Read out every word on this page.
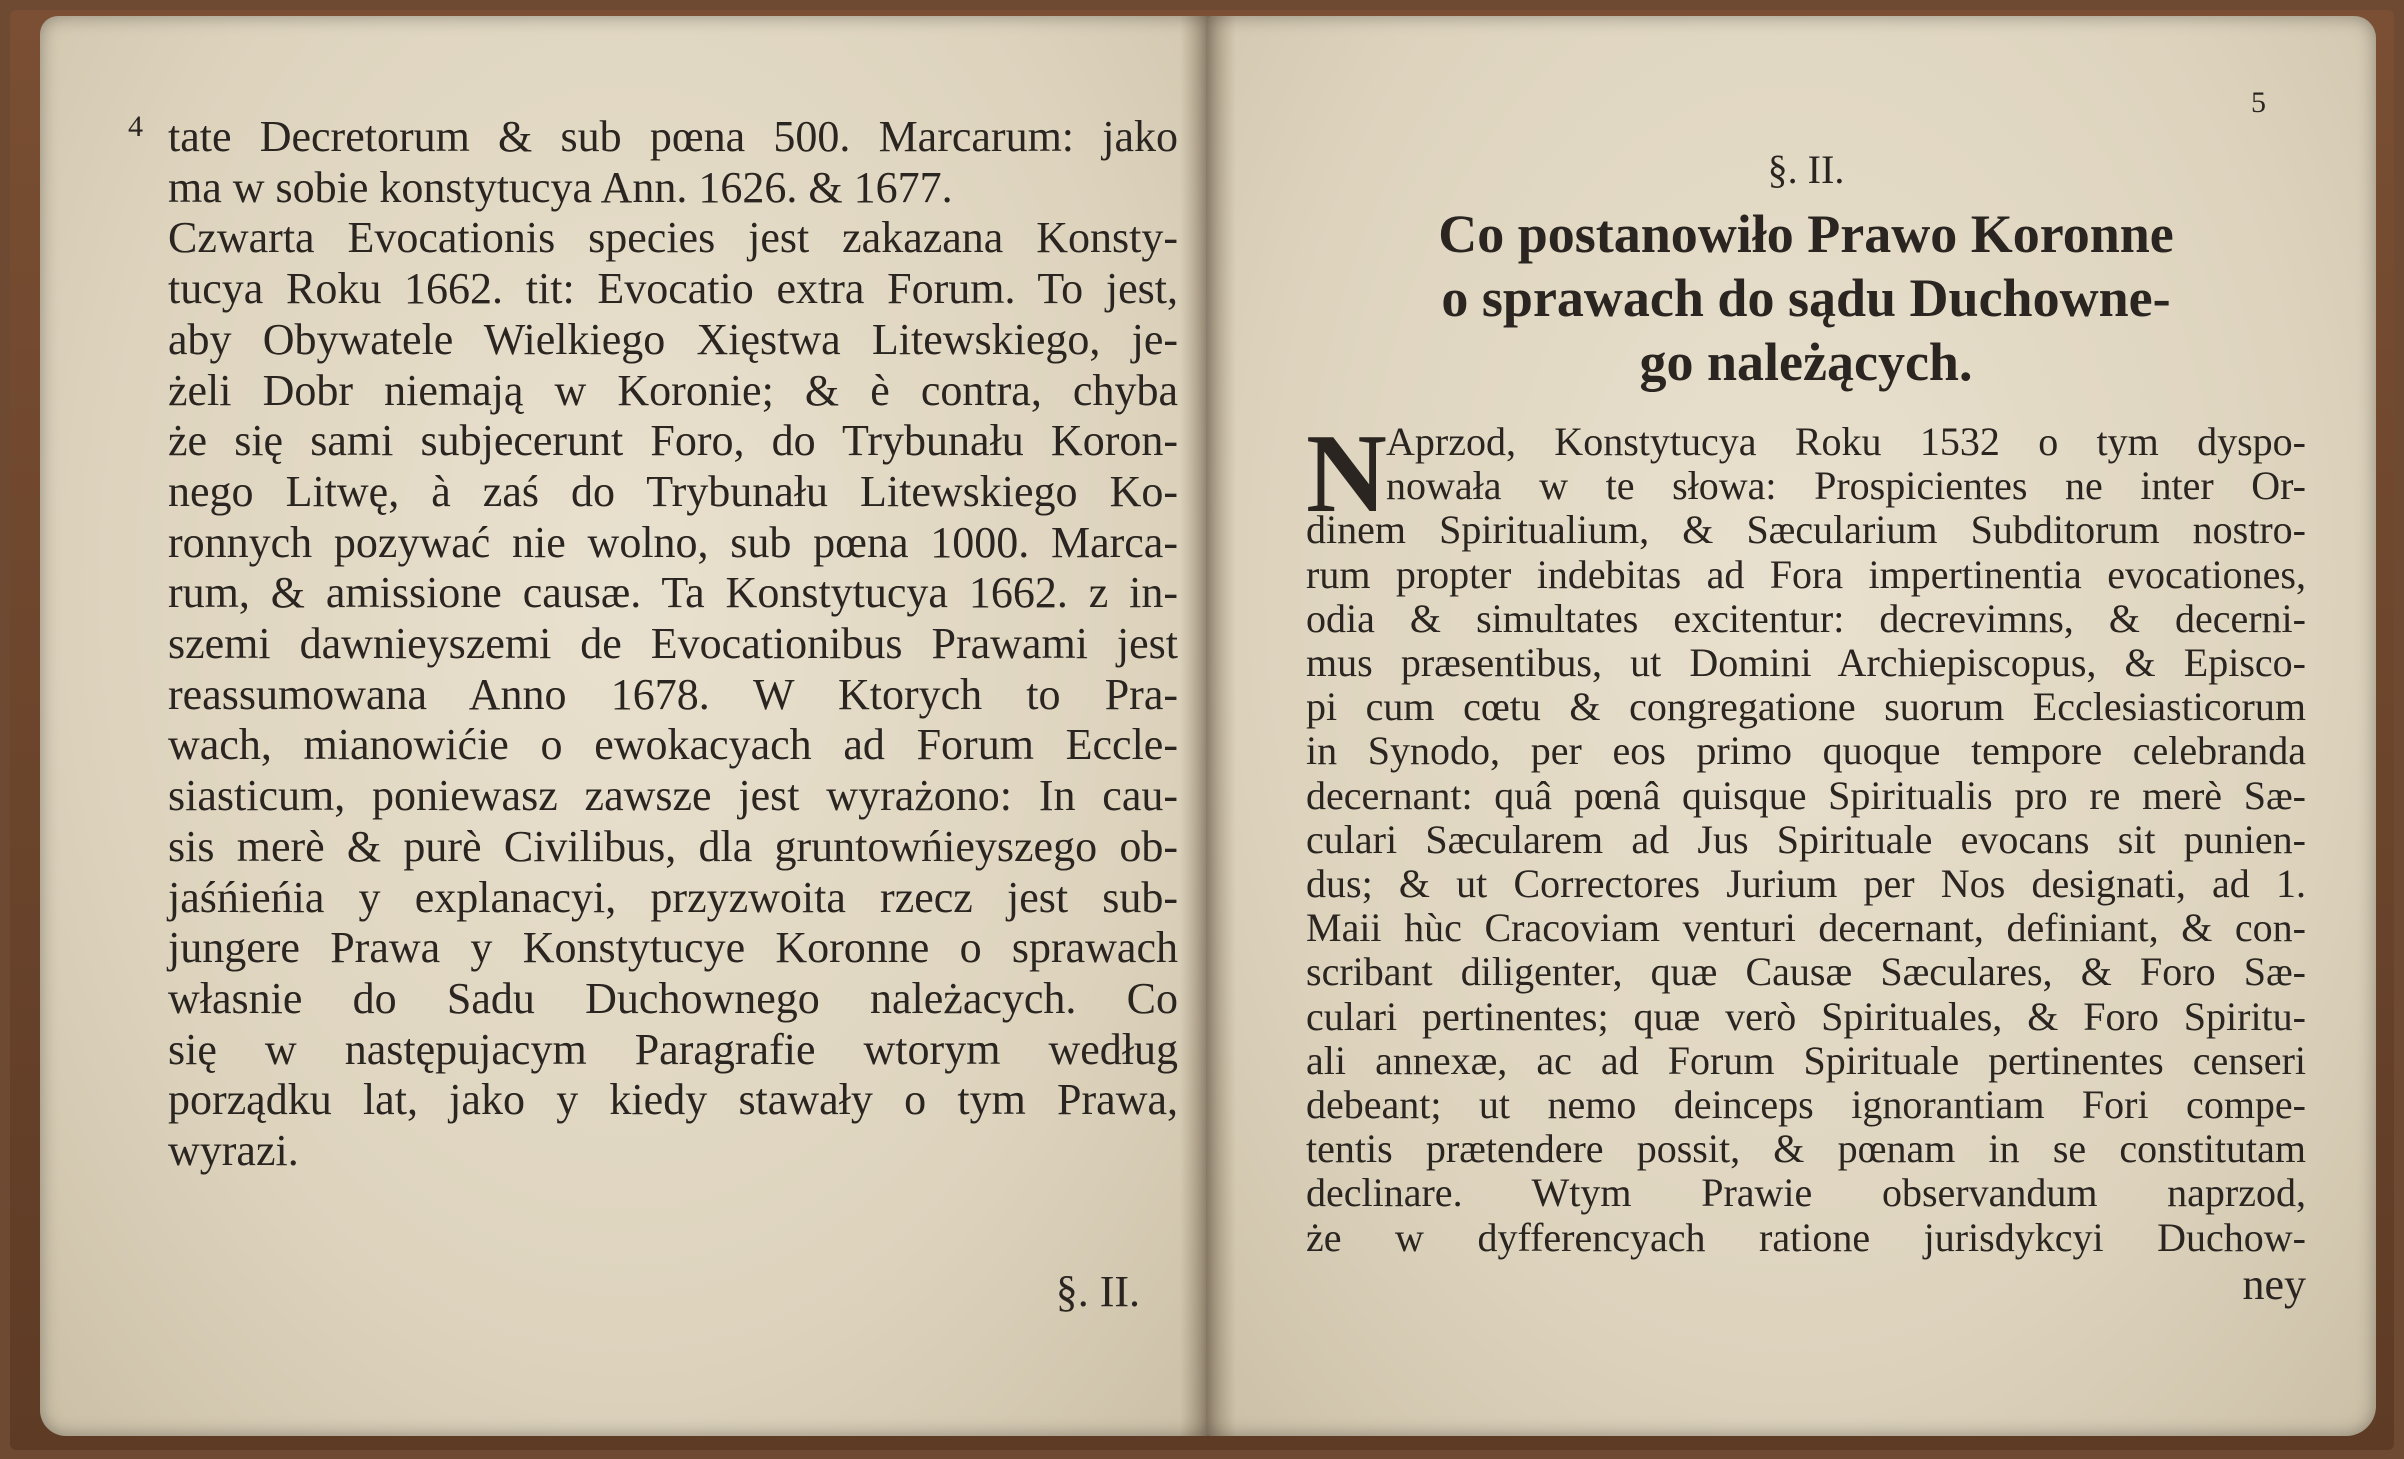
4 tate Decretorum & sub pœna 500. Marcarum: jako
ma w sobie konstytucya Ann. 1626. & 1677.
Czwarta Evocationis species jest zakazana Konsty-
tucya Roku 1662. tit: Evocatio extra Forum. To jest,
aby Obywatele Wielkiego Xięstwa Litewskiego, je-
żeli Dobr niemają w Koronie; & è contra, chyba
że się sami subjecerunt Foro, do Trybunału Koron-
nego Litwę, à zaś do Trybunału Litewskiego Ko-
ronnych pozywać nie wolno, sub pœna 1000. Marca-
rum, & amissione causæ. Ta Konstytucya 1662. z in-
szemi dawnieyszemi de Evocationibus Prawami jest
reassumowana Anno 1678. W Ktorych to Pra-
wach, mianowićie o ewokacyach ad Forum Eccle-
siasticum, poniewasz zawsze jest wyrażono: In cau-
sis merè & purè Civilibus, dla gruntowńieyszego ob-
jaśńieńia y explanacyi, przyzwoita rzecz jest sub-
jungere Prawa y Konstytucye Koronne o sprawach
własnie do Sadu Duchownego należacych. Co
się w następujacym Paragrafie wtorym według
porządku lat, jako y kiedy stawały o tym Prawa,
wyrazi.
§. II.
5
§. II.
Co postanowiło Prawo Koronne
o sprawach do sądu Duchowne-
go należących.
N Aprzod, Konstytucya Roku 1532 o tym dyspo-
nowała w te słowa: Prospicientes ne inter Or-
dinem Spiritualium, & Sæcularium Subditorum nostro-
rum propter indebitas ad Fora impertinentia evocationes,
odia & simultates excitentur: decrevimns, & decerni-
mus præsentibus, ut Domini Archiepiscopus, & Episco-
pi cum cœtu & congregatione suorum Ecclesiasticorum
in Synodo, per eos primo quoque tempore celebranda
decernant: quâ pœnâ quisque Spiritualis pro re merè Sæ-
culari Sæcularem ad Jus Spirituale evocans sit punien-
dus; & ut Correctores Jurium per Nos designati, ad 1.
Maii hùc Cracoviam venturi decernant, definiant, & con-
scribant diligenter, quæ Causæ Sæculares, & Foro Sæ-
culari pertinentes; quæ verò Spirituales, & Foro Spiritu-
ali annexæ, ac ad Forum Spirituale pertinentes censeri
debeant; ut nemo deinceps ignorantiam Fori compe-
tentis prætendere possit, & pœnam in se constitutam
declinare. Wtym Prawie observandum naprzod,
że w dyfferencyach ratione jurisdykcyi Duchow-
ney
